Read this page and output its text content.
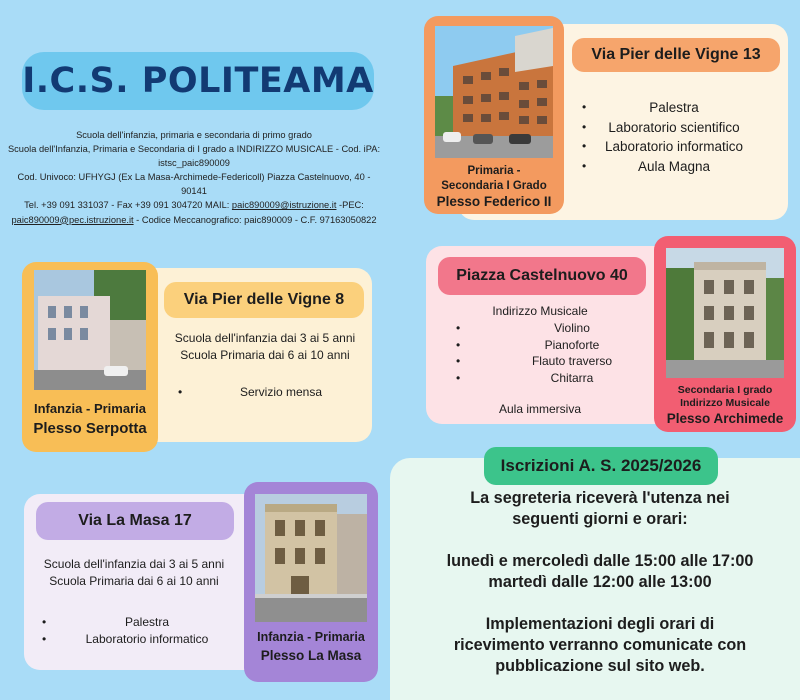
I.C.S. POLITEAMA
Scuola dell'infanzia, primaria e secondaria di primo grado
Scuola dell'Infanzia, Primaria e Secondaria di I grado a INDIRIZZO MUSICALE - Cod. iPA:
istsc_paic890009
Cod. Univoco: UFHYGJ (Ex La Masa-Archimede-Federicoll) Piazza Castelnuovo, 40 - 90141
Tel. +39 091 331037 - Fax +39 091 304720 MAIL: paic890009@istruzione.it -PEC:
paic890009@pec.istruzione.it - Codice Meccanografico: paic890009 - C.F. 97163050822
Primaria -
Secondaria I Grado
Plesso Federico II
Via Pier delle Vigne 13
• Palestra
• Laboratorio scientifico
• Laboratorio informatico
• Aula Magna
Infanzia - Primaria
Plesso Serpotta
Via Pier delle Vigne 8
Scuola dell'infanzia dai 3 ai 5 anni
Scuola Primaria dai 6 ai 10 anni
•	Servizio mensa	Secondaria I grado
Indirizzo Musicale
Plesso Archimede
Piazza Castelnuovo 40
Indirizzo Musicale
•	Violino
•	Pianoforte
•	Flauto traverso
•	Chitarra
Aula immersiva
Infanzia - Primaria
Plesso La Masa
Via La Masa 17
Scuola dell'infanzia dai 3 ai 5 anni
Scuola Primaria dai 6 ai 10 anni
•	Palestra
•	Laboratorio informatico
Iscrizioni A. S. 2025/2026
La segreteria riceverà l'utenza nei
seguenti giorni e orari:
lunedì e mercoledì dalle 15:00 alle 17:00
martedì dalle 12:00 alle 13:00
Implementazioni degli orari di
ricevimento verranno comunicate con
pubblicazione sul sito web.
